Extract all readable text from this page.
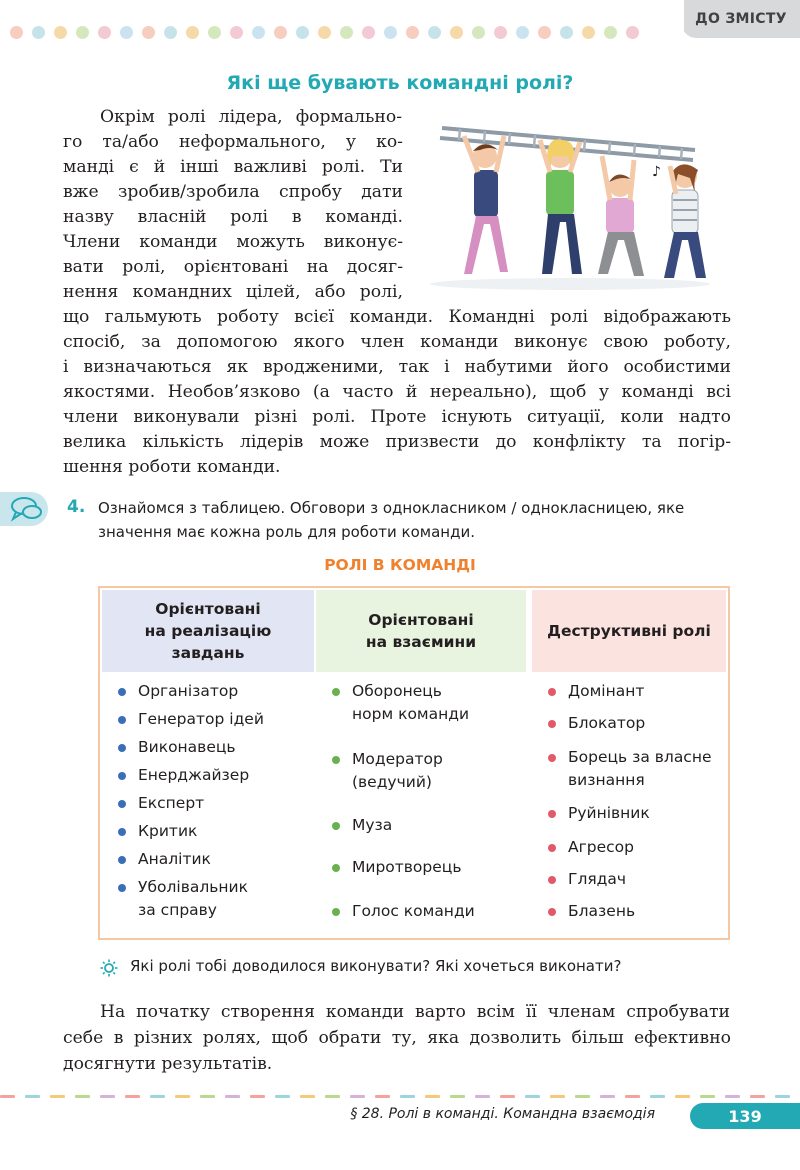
ДО ЗМІСТУ
Які ще бувають командні ролі?
♪

Окрім ролі лідера, формально-

го та/або неформального, у ко-

манді є й інші важливі ролі. Ти

вже зробив/зробила спробу дати

назву власній ролі в команді.

Члени команди можуть виконує-

вати ролі, орієнтовані на досяг-

нення командних цілей, або ролі,

що гальмують роботу всієї команди. Командні ролі відображають

спосіб, за допомогою якого член команди виконує свою роботу,

і визначаються як вродженими, так і набутими його особистими

якостями. Необов’язково (а часто й нереально), щоб у команді всі

члени виконували різні ролі. Проте існують ситуації, коли надто

велика кількість лідерів може призвести до конфлікту та погір-

шення роботи команди.

4. Ознайомся з таблицею. Обговори з однокласником / однокласницею, яке

значення має кожна роль для роботи команди.

РОЛІ В КОМАНДІ
Орієнтовані
на реалізацію
завдань
Організатор
Генератор ідей
Виконавець
Енерджайзер
Експерт
Критик
Аналітик
Уболівальник
за справу
Орієнтовані
на взаємини
Оборонець
норм команди
Модератор
(ведучий)
Муза
Миротворець
Голос команди
Деструктивні ролі
Домінант
Блокатор
Борець за власне
визнання
Руйнівник
Агресор
Глядач
Блазень
Які ролі тобі доводилося виконувати? Які хочеться виконати?

На початку створення команди варто всім її членам спробувати

себе в різних ролях, щоб обрати ту, яка дозволить більш ефективно

досягнути результатів.

§ 28. Ролі в команді. Командна взаємодія	139
